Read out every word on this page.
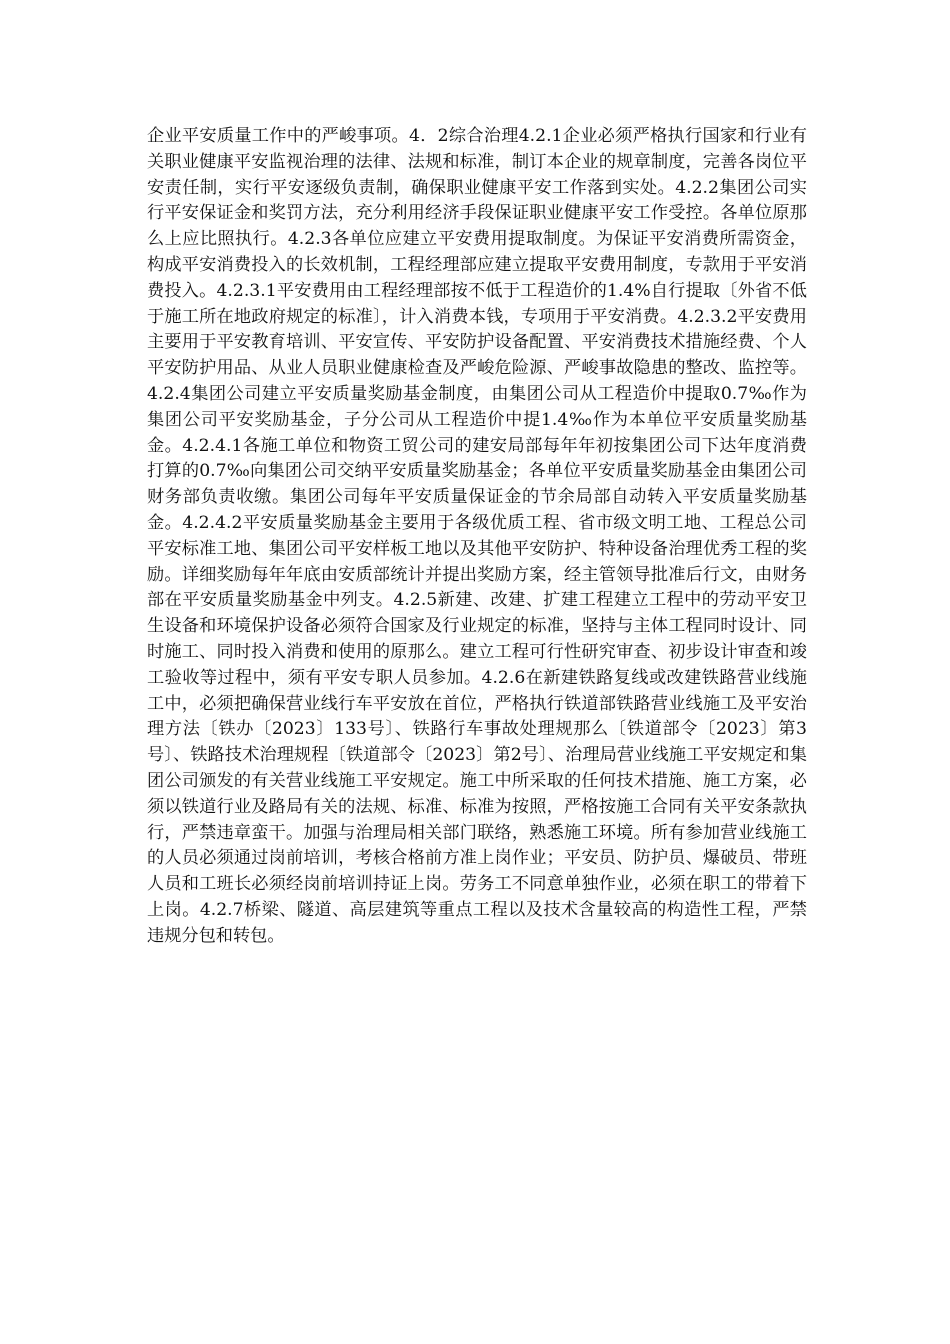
企业平安质量工作中的严峻事项。4．2综合治理4.2.1企业必须严格执行国家和行业有关职业健康平安监视治理的法律、法规和标准，制订本企业的规章制度，完善各岗位平安责任制，实行平安逐级负责制，确保职业健康平安工作落到实处。4.2.2集团公司实行平安保证金和奖罚方法，充分利用经济手段保证职业健康平安工作受控。各单位原那么上应比照执行。4.2.3各单位应建立平安费用提取制度。为保证平安消费所需资金，构成平安消费投入的长效机制，工程经理部应建立提取平安费用制度，专款用于平安消费投入。4.2.3.1平安费用由工程经理部按不低于工程造价的1.4%自行提取〔外省不低于施工所在地政府规定的标准〕，计入消费本钱，专项用于平安消费。4.2.3.2平安费用主要用于平安教育培训、平安宣传、平安防护设备配置、平安消费技术措施经费、个人平安防护用品、从业人员职业健康检查及严峻危险源、严峻事故隐患的整改、监控等。4.2.4集团公司建立平安质量奖励基金制度，由集团公司从工程造价中提取0.7‰作为集团公司平安奖励基金，子分公司从工程造价中提1.4‰作为本单位平安质量奖励基金。4.2.4.1各施工单位和物资工贸公司的建安局部每年年初按集团公司下达年度消费打算的0.7‰向集团公司交纳平安质量奖励基金；各单位平安质量奖励基金由集团公司财务部负责收缴。集团公司每年平安质量保证金的节余局部自动转入平安质量奖励基金。4.2.4.2平安质量奖励基金主要用于各级优质工程、省市级文明工地、工程总公司平安标准工地、集团公司平安样板工地以及其他平安防护、特种设备治理优秀工程的奖励。详细奖励每年年底由安质部统计并提出奖励方案，经主管领导批准后行文，由财务部在平安质量奖励基金中列支。4.2.5新建、改建、扩建工程建立工程中的劳动平安卫生设备和环境保护设备必须符合国家及行业规定的标准，坚持与主体工程同时设计、同时施工、同时投入消费和使用的原那么。建立工程可行性研究审查、初步设计审查和竣工验收等过程中，须有平安专职人员参加。4.2.6在新建铁路复线或改建铁路营业线施工中，必须把确保营业线行车平安放在首位，严格执行铁道部铁路营业线施工及平安治理方法〔铁办〔2023〕133号〕、铁路行车事故处理规那么〔铁道部令〔2023〕第3号〕、铁路技术治理规程〔铁道部令〔2023〕第2号〕、治理局营业线施工平安规定和集团公司颁发的有关营业线施工平安规定。施工中所采取的任何技术措施、施工方案，必须以铁道行业及路局有关的法规、标准、标准为按照，严格按施工合同有关平安条款执行，严禁违章蛮干。加强与治理局相关部门联络，熟悉施工环境。所有参加营业线施工的人员必须通过岗前培训，考核合格前方准上岗作业；平安员、防护员、爆破员、带班人员和工班长必须经岗前培训持证上岗。劳务工不同意单独作业，必须在职工的带着下上岗。4.2.7桥梁、隧道、高层建筑等重点工程以及技术含量较高的构造性工程，严禁违规分包和转包。
